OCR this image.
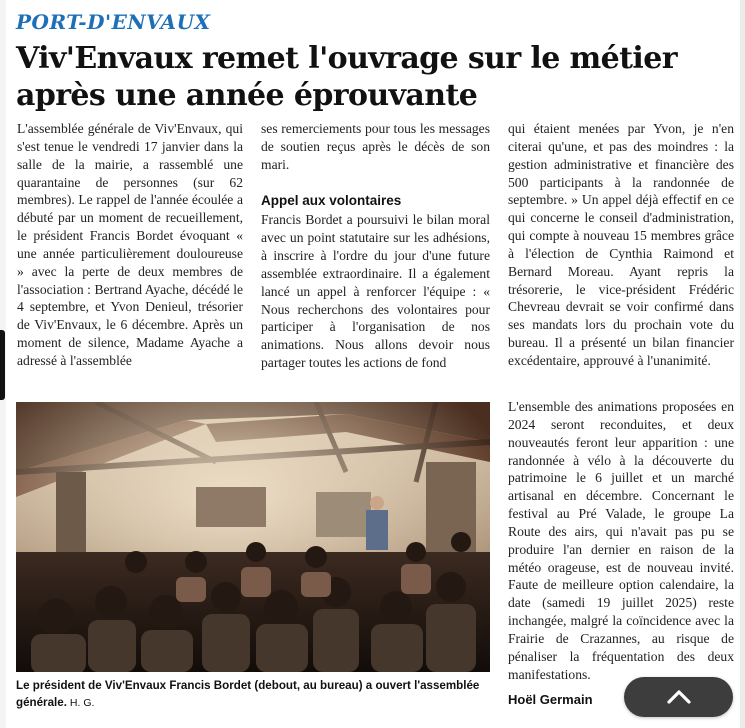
PORT-D'ENVAUX
Viv'Envaux remet l'ouvrage sur le métier après une année éprouvante

L'assemblée générale de Viv'Envaux, qui s'est tenue le vendredi 17 janvier dans la salle de la mairie, a rassemblé une quarantaine de personnes (sur 62 membres). Le rappel de l'année écoulée a débuté par un moment de recueillement, le président Francis Bordet évoquant « une année particulièrement douloureuse » avec la perte de deux membres de l'association : Bertrand Ayache, décédé le 4 septembre, et Yvon Denieul, trésorier de Viv'Envaux, le 6 décembre. Après un moment de silence, Madame Ayache a adressé à l'assemblée

ses remerciements pour tous les messages de soutien reçus après le décès de son mari.

Appel aux volontaires

Francis Bordet a poursuivi le bilan moral avec un point statutaire sur les adhésions, à inscrire à l'ordre du jour d'une future assemblée extraordinaire. Il a également lancé un appel à renforcer l'équipe : « Nous recherchons des volontaires pour participer à l'organisation de nos animations. Nous allons devoir nous partager toutes les actions de fond

qui étaient menées par Yvon, je n'en citerai qu'une, et pas des moindres : la gestion administrative et financière des 500 participants à la randonnée de septembre. » Un appel déjà effectif en ce qui concerne le conseil d'administration, qui compte à nouveau 15 membres grâce à l'élection de Cynthia Raimond et Bernard Moreau. Ayant repris la trésorerie, le vice-président Frédéric Chevreau devrait se voir confirmé dans ses mandats lors du prochain vote du bureau. Il a présenté un bilan financier excédentaire, approuvé à l'unanimité.

L'ensemble des animations proposées en 2024 seront reconduites, et deux nouveautés feront leur apparition : une randonnée à vélo à la découverte du patrimoine le 6 juillet et un marché artisanal en décembre. Concernant le festival au Pré Valade, le groupe La Route des airs, qui n'avait pas pu se produire l'an dernier en raison de la météo orageuse, est de nouveau invité. Faute de meilleure option calendaire, la date (samedi 19 juillet 2025) reste inchangée, malgré la coïncidence avec la Frairie de Crazannes, au risque de pénaliser la fréquentation des deux manifestations.

Hoël Germain
Le président de Viv'Envaux Francis Bordet (debout, au bureau) a ouvert l'assemblée générale. H. G.
